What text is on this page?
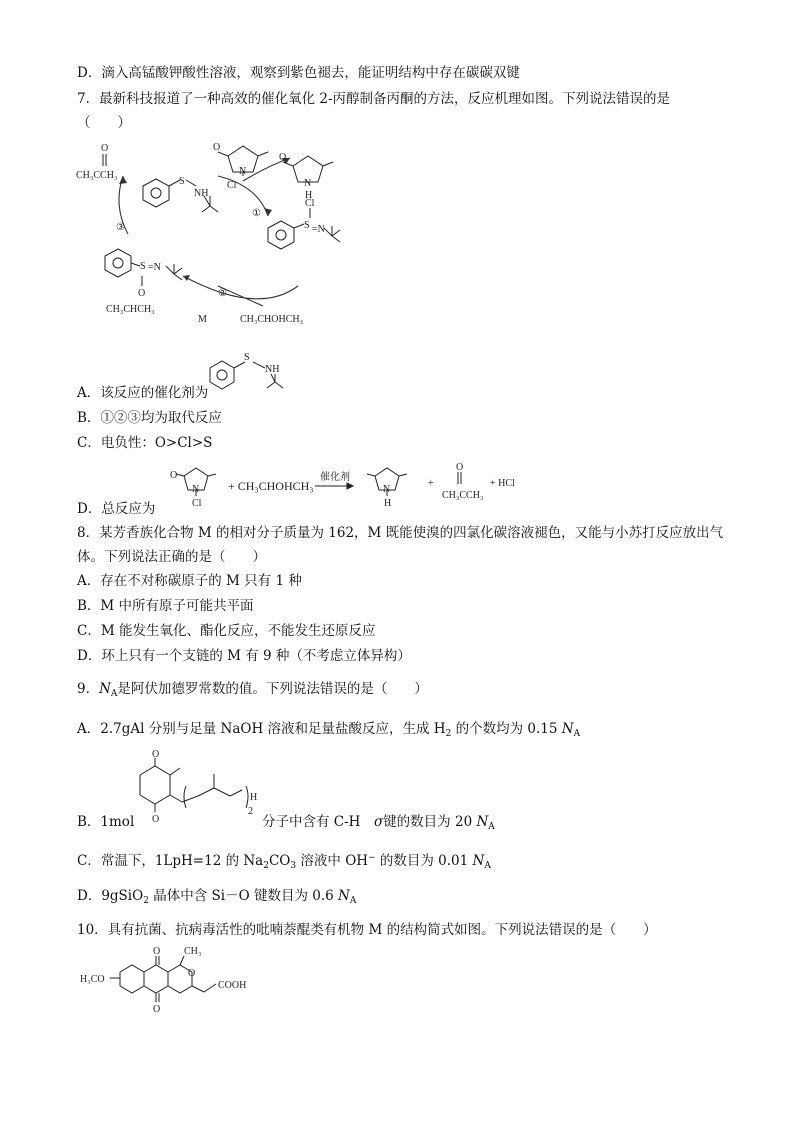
D．滴入高锰酸钾酸性溶液，观察到紫色褪去，能证明结构中存在碳碳双键
7．最新科技报道了一种高效的催化氧化 2-丙醇制备丙酮的方法，反应机理如图。下列说法错误的是
（　　）
O
CH₃CCH₃
Cl
N
O
N
H
O
S
NH
Cl
S =N
S =N
O
CH₃CHCH₃
M	CH₃CHOHCH₃
③
①
②
A．该反应的催化剂为
S
NH
B．①②③均为取代反应
C．电负性：O>Cl>S
D．总反应为
O
N
Cl
催化剂
N
H
+
O
CH₃CCH₃
+ HCl
+ CH₃CHOHCH₃
8．某芳香族化合物 M 的相对分子质量为 162，M 既能使溴的四氯化碳溶液褪色，又能与小苏打反应放出气
体。下列说法正确的是（　　）
A．存在不对称碳原子的 M 只有 1 种
B．M 中所有原子可能共平面
C．M 能发生氧化、酯化反应，不能发生还原反应
D．环上只有一个支链的 M 有 9 种（不考虑立体异构）
9．$N_A$是阿伏加德罗常数的值。下列说法错误的是（　　）
A．2.7gAl 分别与足量 NaOH 溶液和足量盐酸反应，生成 $H_2$ 的个数均为 0.15 $N_A$
O
O
H
2
B．1mol	分子中含有 C-H　σ键的数目为 20 $N_A$
C．常温下，1LpH=12 的 $Na_2CO_3$ 溶液中 OH− 的数目为 0.01 $N_A$
D．9gSiO$_2$ 晶体中含 Si－O 键数目为 0.6 $N_A$
10．具有抗菌、抗病毒活性的吡喃萘醌类有机物 M 的结构简式如图。下列说法错误的是（　　）
H₃CO
O
O
CH₃
O
COOH
